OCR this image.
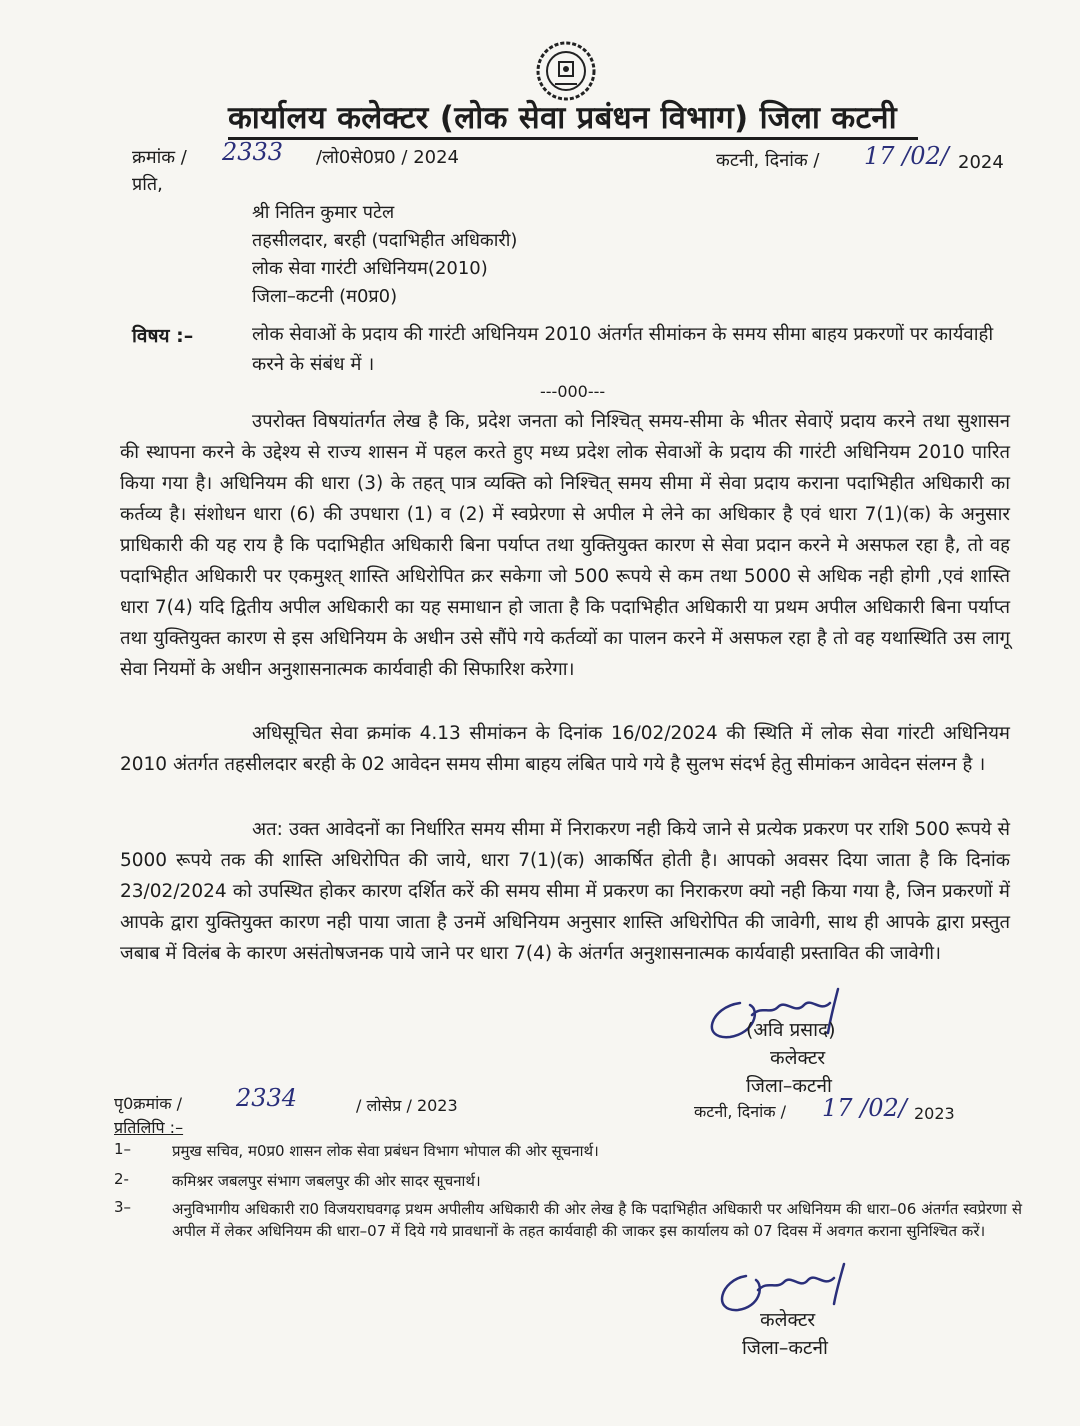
कार्यालय कलेक्टर (लोक सेवा प्रबंधन विभाग) जिला कटनी
क्रमांक / 2333 /लो0से0प्र0 / 2024	कटनी, दिनांक / 17 /02/ 2024
प्रति,
श्री नितिन कुमार पटेल
तहसीलदार, बरही (पदाभिहीत अधिकारी)
लोक सेवा गारंटी अधिनियम(2010)
जिला–कटनी (म0प्र0)
विषय :–	लोक सेवाओं के प्रदाय की गारंटी अधिनियम 2010 अंतर्गत सीमांकन के समय सीमा बाहय प्रकरणों पर कार्यवाही करने के संबंध में ।
---000---
उपरोक्त विषयांतर्गत लेख है कि, प्रदेश जनता को निश्चित् समय-सीमा के भीतर सेवाऐं प्रदाय करने तथा सुशासन की स्थापना करने के उद्देश्य से राज्य शासन में पहल करते हुए मध्य प्रदेश लोक सेवाओं के प्रदाय की गारंटी अधिनियम 2010 पारित किया गया है। अधिनियम की धारा (3) के तहत् पात्र व्यक्ति को निश्चित् समय सीमा में सेवा प्रदाय कराना पदाभिहीत अधिकारी का कर्तव्य है। संशोधन धारा (6) की उपधारा (1) व (2) में स्वप्रेरणा से अपील मे लेने का अधिकार है एवं धारा 7(1)(क) के अनुसार प्राधिकारी की यह राय है कि पदाभिहीत अधिकारी बिना पर्याप्त तथा युक्तियुक्त कारण से सेवा प्रदान करने मे असफल रहा है, तो वह पदाभिहीत अधिकारी पर एकमुश्त् शास्ति अधिरोपित क्रर सकेगा जो 500 रूपये से कम तथा 5000 से अधिक नही होगी ,एवं शास्ति धारा 7(4) यदि द्वितीय अपील अधिकारी का यह समाधान हो जाता है कि पदाभिहीत अधिकारी या प्रथम अपील अधिकारी बिना पर्याप्त तथा युक्तियुक्त कारण से इस अधिनियम के अधीन उसे सौंपे गये कर्तव्यों का पालन करने में असफल रहा है तो वह यथास्थिति उस लागू सेवा नियमों के अधीन अनुशासनात्मक कार्यवाही की सिफारिश करेगा।
अधिसूचित सेवा क्रमांक 4.13 सीमांकन के दिनांक 16/02/2024 की स्थिति में लोक सेवा गांरटी अधिनियम 2010 अंतर्गत तहसीलदार बरही के 02 आवेदन समय सीमा बाहय लंबित पाये गये है सुलभ संदर्भ हेतु सीमांकन आवेदन संलग्न है ।
अत: उक्त आवेदनों का निर्धारित समय सीमा में निराकरण नही किये जाने से प्रत्येक प्रकरण पर राशि 500 रूपये से 5000 रूपये तक की शास्ति अधिरोपित की जाये, धारा 7(1)(क) आकर्षित होती है। आपको अवसर दिया जाता है कि दिनांक 23/02/2024 को उपस्थित होकर कारण दर्शित करें की समय सीमा में प्रकरण का निराकरण क्यो नही किया गया है, जिन प्रकरणों में आपके द्वारा युक्तियुक्त कारण नही पाया जाता है उनमें अधिनियम अनुसार शास्ति अधिरोपित की जावेगी, साथ ही आपके द्वारा प्रस्तुत जबाब में विलंब के कारण असंतोषजनक पाये जाने पर धारा 7(4) के अंतर्गत अनुशासनात्मक कार्यवाही प्रस्तावित की जावेगी।
(अवि प्रसाद)
कलेक्टर
जिला–कटनी
पृ0क्रमांक / 2334	/ लोसेप्र / 2023	कटनी, दिनांक / 17 /02/ 2023
प्रतिलिपि :–
1–	प्रमुख सचिव, म0प्र0 शासन लोक सेवा प्रबंधन विभाग भोपाल की ओर सूचनार्थ।
2-	कमिश्नर जबलपुर संभाग जबलपुर की ओर सादर सूचनार्थ।
3–	अनुविभागीय अधिकारी रा0 विजयराघवगढ़ प्रथम अपीलीय अधिकारी की ओर लेख है कि पदाभिहीत अधिकारी पर अधिनियम की धारा–06 अंतर्गत स्वप्रेरणा से अपील में लेकर अधिनियम की धारा–07 में दिये गये प्रावधानों के तहत कार्यवाही की जाकर इस कार्यालय को 07 दिवस में अवगत कराना सुनिश्चित करें।
कलेक्टर
जिला–कटनी
